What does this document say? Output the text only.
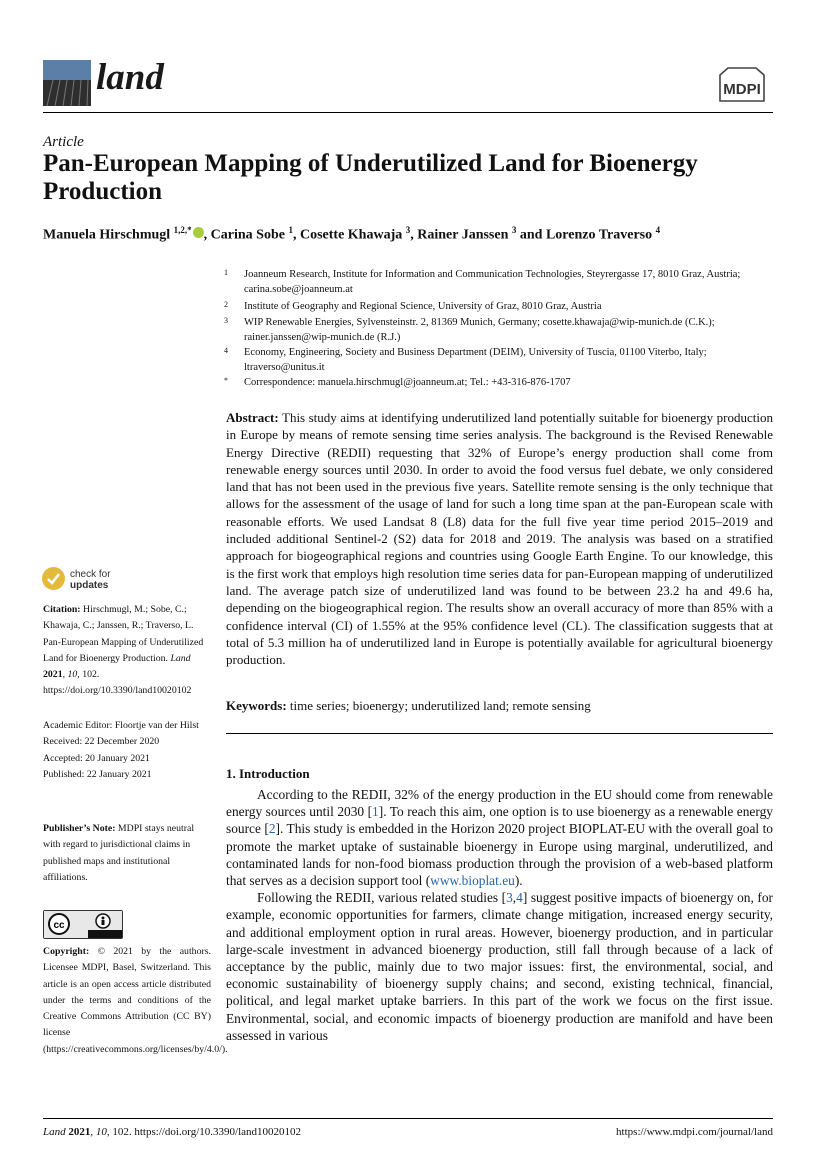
land	MDPI
Article
Pan-European Mapping of Underutilized Land for Bioenergy Production
Manuela Hirschmugl $^{1,2,*}$ , Carina Sobe $^1$, Cosette Khawaja $^3$, Rainer Janssen $^3$ and Lorenzo Traverso $^4$
1 Joanneum Research, Institute for Information and Communication Technologies, Steyrergasse 17, 8010 Graz, Austria; carina.sobe@joanneum.at
2 Institute of Geography and Regional Science, University of Graz, 8010 Graz, Austria
3 WIP Renewable Energies, Sylvensteinstr. 2, 81369 Munich, Germany; cosette.khawaja@wip-munich.de (C.K.); rainer.janssen@wip-munich.de (R.J.)
4 Economy, Engineering, Society and Business Department (DEIM), University of Tuscia, 01100 Viterbo, Italy; ltraverso@unitus.it
* Correspondence: manuela.hirschmugl@joanneum.at; Tel.: +43-316-876-1707
Abstract: This study aims at identifying underutilized land potentially suitable for bioenergy production in Europe by means of remote sensing time series analysis. The background is the Revised Renewable Energy Directive (REDII) requesting that 32% of Europe’s energy production shall come from renewable energy sources until 2030. In order to avoid the food versus fuel debate, we only considered land that has not been used in the previous five years. Satellite remote sensing is the only technique that allows for the assessment of the usage of land for such a long time span at the pan-European scale with reasonable efforts. We used Landsat 8 (L8) data for the full five year time period 2015–2019 and included additional Sentinel-2 (S2) data for 2018 and 2019. The analysis was based on a stratified approach for biogeographical regions and countries using Google Earth Engine. To our knowledge, this is the first work that employs high resolution time series data for pan-European mapping of underutilized land. The average patch size of underutilized land was found to be between 23.2 ha and 49.6 ha, depending on the biogeographical region. The results show an overall accuracy of more than 85% with a confidence interval (CI) of 1.55% at the 95% confidence level (CL). The classification suggests that at total of 5.3 million ha of underutilized land in Europe is potentially available for agricultural bioenergy production.
Keywords: time series; bioenergy; underutilized land; remote sensing
1. Introduction

According to the REDII, 32% of the energy production in the EU should come from renewable energy sources until 2030 [1]. To reach this aim, one option is to use bioenergy as a renewable energy source [2]. This study is embedded in the Horizon 2020 project BIOPLAT-EU with the overall goal to promote the market uptake of sustainable bioenergy in Europe using marginal, underutilized, and contaminated lands for non-food biomass production through the provision of a web-based platform that serves as a decision support tool (www.bioplat.eu).

Following the REDII, various related studies [3,4] suggest positive impacts of bioenergy on, for example, economic opportunities for farmers, climate change mitigation, increased energy security, and additional employment option in rural areas. However, bioenergy production, and in particular large-scale investment in advanced bioenergy production, still fall through because of a lack of acceptance by the public, mainly due to two major issues: first, the environmental, social, and economic sustainability of bioenergy supply chains; and second, existing technical, financial, political, and legal market uptake barriers. In this part of the work we focus on the first issue. Environmental, social, and economic impacts of bioenergy production are manifold and have been assessed in various

check for
updates
Citation: Hirschmugl, M.; Sobe, C.; Khawaja, C.; Janssen, R.; Traverso, L. Pan-European Mapping of Underutilized Land for Bioenergy Production. Land 2021, 10, 102. https://doi.org/10.3390/land10020102
Academic Editor: Floortje van der Hilst
Received: 22 December 2020
Accepted: 20 January 2021
Published: 22 January 2021
Publisher’s Note: MDPI stays neutral with regard to jurisdictional claims in published maps and institutional affiliations.
cc
Copyright: © 2021 by the authors. Licensee MDPI, Basel, Switzerland. This article is an open access article distributed under the terms and conditions of the Creative Commons Attribution (CC BY) license (https://creativecommons.org/licenses/by/4.0/).
Land 2021, 10, 102. https://doi.org/10.3390/land10020102	https://www.mdpi.com/journal/land
